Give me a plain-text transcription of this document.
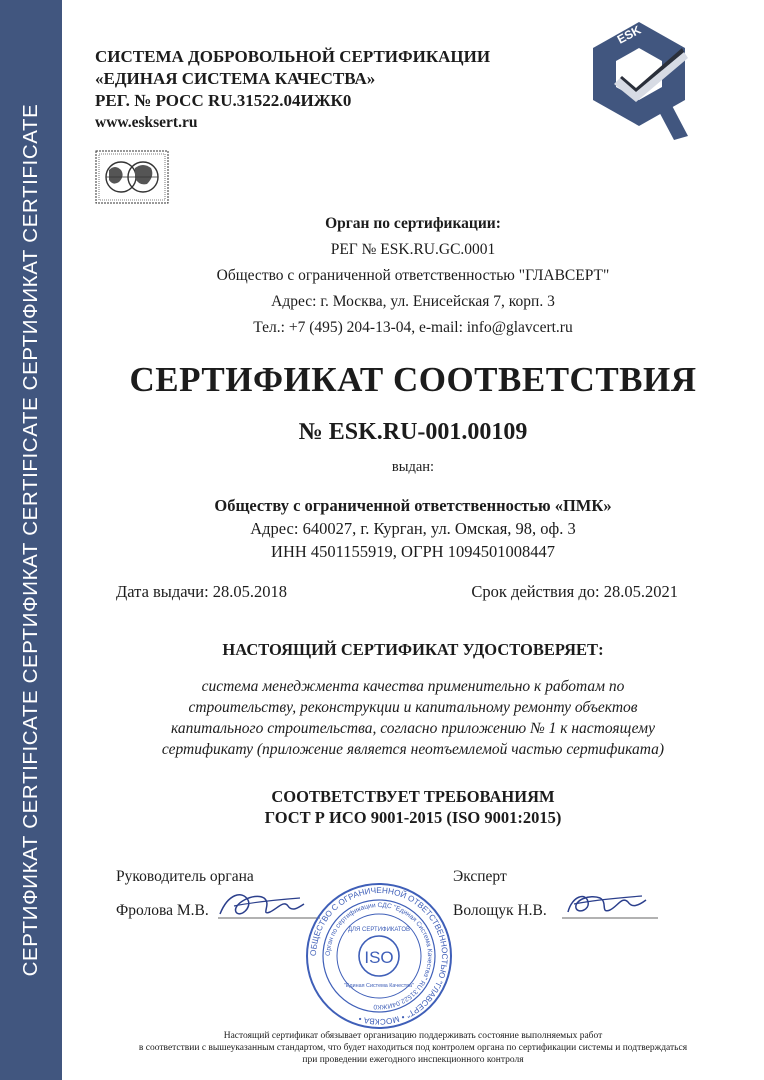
СЕРТИФИКАТ CERTIFICATE СЕРТИФИКАТ CERTIFICATE СЕРТИФИКАТ CERTIFICATE
СИСТЕМА ДОБРОВОЛЬНОЙ СЕРТИФИКАЦИИ
«ЕДИНАЯ СИСТЕМА КАЧЕСТВА»
РЕГ. № РОСС RU.31522.04ИЖК0
www.esksert.ru
ESK
Орган по сертификации:
РЕГ № ESK.RU.GC.0001
Общество с ограниченной ответственностью "ГЛАВСЕРТ"
Адрес: г. Москва, ул. Енисейская 7, корп. 3
Тел.: +7 (495) 204-13-04, e-mail: info@glavcert.ru
СЕРТИФИКАТ СООТВЕТСТВИЯ
№ ESK.RU-001.00109
выдан:
Обществу с ограниченной ответственностью «ПМК»
Адрес: 640027, г. Курган, ул. Омская, 98, оф. 3
ИНН 4501155919, ОГРН 1094501008447
Дата выдачи: 28.05.2018	Срок действия до: 28.05.2021
НАСТОЯЩИЙ СЕРТИФИКАТ УДОСТОВЕРЯЕТ:
система менеджмента качества применительно к работам по
строительству, реконструкции и капитальному ремонту объектов
капитального строительства, согласно приложению № 1 к настоящему
сертификату (приложение является неотъемлемой частью сертификата)
СООТВЕТСТВУЕТ ТРЕБОВАНИЯМ
ГОСТ Р ИСО 9001-2015 (ISO 9001:2015)
Руководитель органа
Фролова М.В.
Эксперт
Волощук Н.В.
ОБЩЕСТВО С ОГРАНИЧЕННОЙ ОТВЕТСТВЕННОСТЬЮ "ГЛАВСЕРТ" • МОСКВА •
Орган по сертификации СДС "Единая Система Качества" RU.31522.04ИЖК0
ДЛЯ СЕРТИФИКАТОВ
ISO
"Единая Система Качества"
Настоящий сертификат обязывает организацию поддерживать состояние выполняемых работ
в соответствии с вышеуказанным стандартом, что будет находиться под контролем органа по сертификации системы и подтверждаться
при проведении ежегодного инспекционного контроля
